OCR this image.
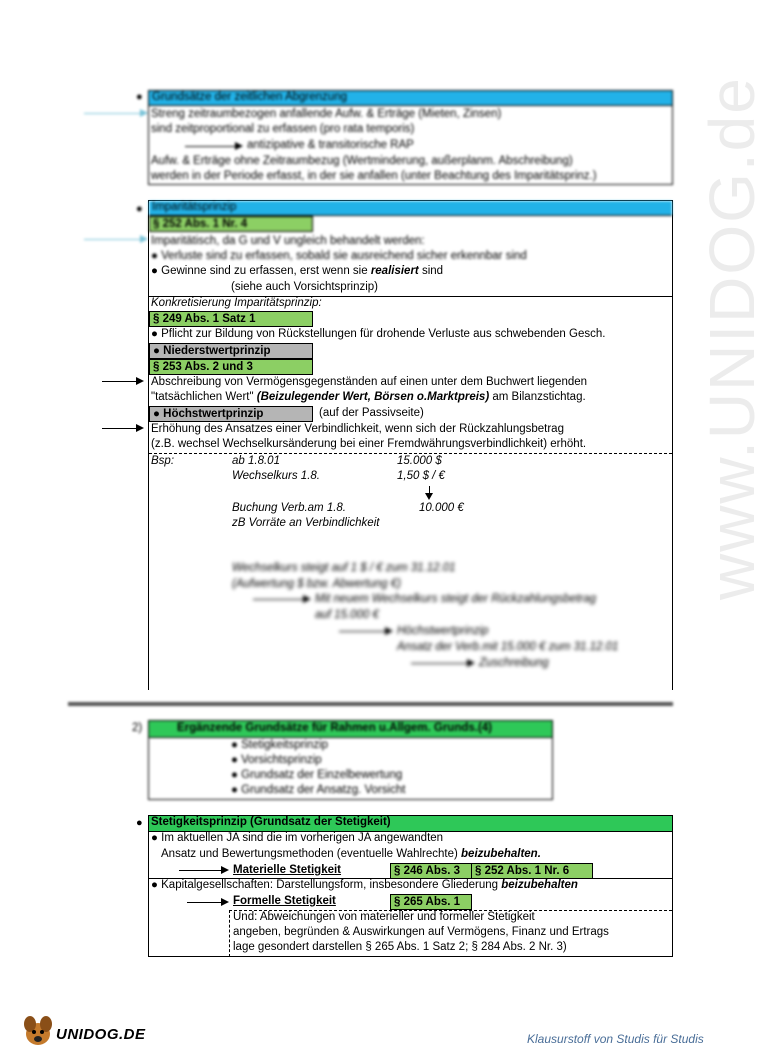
www.UNIDOG.de
● Grundsätze der zeitlichen Abgrenzung
Streng zeitraumbezogen anfallende Aufw. & Erträge (Mieten, Zinsen)
sind zeitproportional zu erfassen (pro rata temporis)
antizipative & transitorische RAP
Aufw. & Erträge ohne Zeitraumbezug (Wertminderung, außerplanm. Abschreibung)
werden in der Periode erfasst, in der sie anfallen (unter Beachtung des Imparitätsprinz.)
● Imparitätsprinzip
§ 252 Abs. 1 Nr. 4
Imparitätisch, da G und V ungleich behandelt werden:
● Verluste sind zu erfassen, sobald sie ausreichend sicher erkennbar sind
● Gewinne sind zu erfassen, erst wenn sie realisiert sind
(siehe auch Vorsichtsprinzip)
Konkretisierung Imparitätsprinzip:
§ 249 Abs. 1 Satz 1
● Pflicht zur Bildung von Rückstellungen für drohende Verluste aus schwebenden Gesch.
● Niederstwertprinzip
§ 253 Abs. 2 und 3
Abschreibung von Vermögensgegenständen auf einen unter dem Buchwert liegenden
"tatsächlichen Wert" (Beizulegender Wert, Börsen o.Marktpreis) am Bilanzstichtag.
● Höchstwertprinzip	(auf der Passivseite)
Erhöhung des Ansatzes einer Verbindlichkeit, wenn sich der Rückzahlungsbetrag
(z.B. wechsel Wechselkursänderung bei einer Fremdwährungsverbindlichkeit) erhöht.
Bsp:	ab 1.8.01	15.000 $
Wechselkurs 1.8.	1,50 $ / €
Buchung Verb.am 1.8.	10.000 €
zB Vorräte an Verbindlichkeit
Wechselkurs steigt auf 1 $ / € zum 31.12.01
(Aufwertung $ bzw. Abwertung €)
Mit neuem Wechselkurs steigt der Rückzahlungsbetrag
auf 15.000 €
Höchstwertprinzip
Ansatz der Verb.mit 15.000 € zum 31.12.01
Zuschreibung
2)	Ergänzende Grundsätze für Rahmen u.Allgem. Grunds.(4)
● Stetigkeitsprinzip
● Vorsichtsprinzip
● Grundsatz der Einzelbewertung
● Grundsatz der Ansatzg. Vorsicht
● Stetigkeitsprinzip (Grundsatz der Stetigkeit)
● Im aktuellen JA sind die im vorherigen JA angewandten
Ansatz und Bewertungsmethoden (eventuelle Wahlrechte) beizubehalten.
Materielle Stetigkeit	§ 246 Abs. 3	§ 252 Abs. 1 Nr. 6
● Kapitalgesellschaften: Darstellungsform, insbesondere Gliederung beizubehalten
Formelle Stetigkeit	§ 265 Abs. 1
Und: Abweichungen von materieller und formeller Stetigkeit
angeben, begründen & Auswirkungen auf Vermögens, Finanz und Ertrags
lage gesondert darstellen § 265 Abs. 1 Satz 2; § 284 Abs. 2 Nr. 3)
UNIDOG.DE	Klausurstoff von Studis für Studis
